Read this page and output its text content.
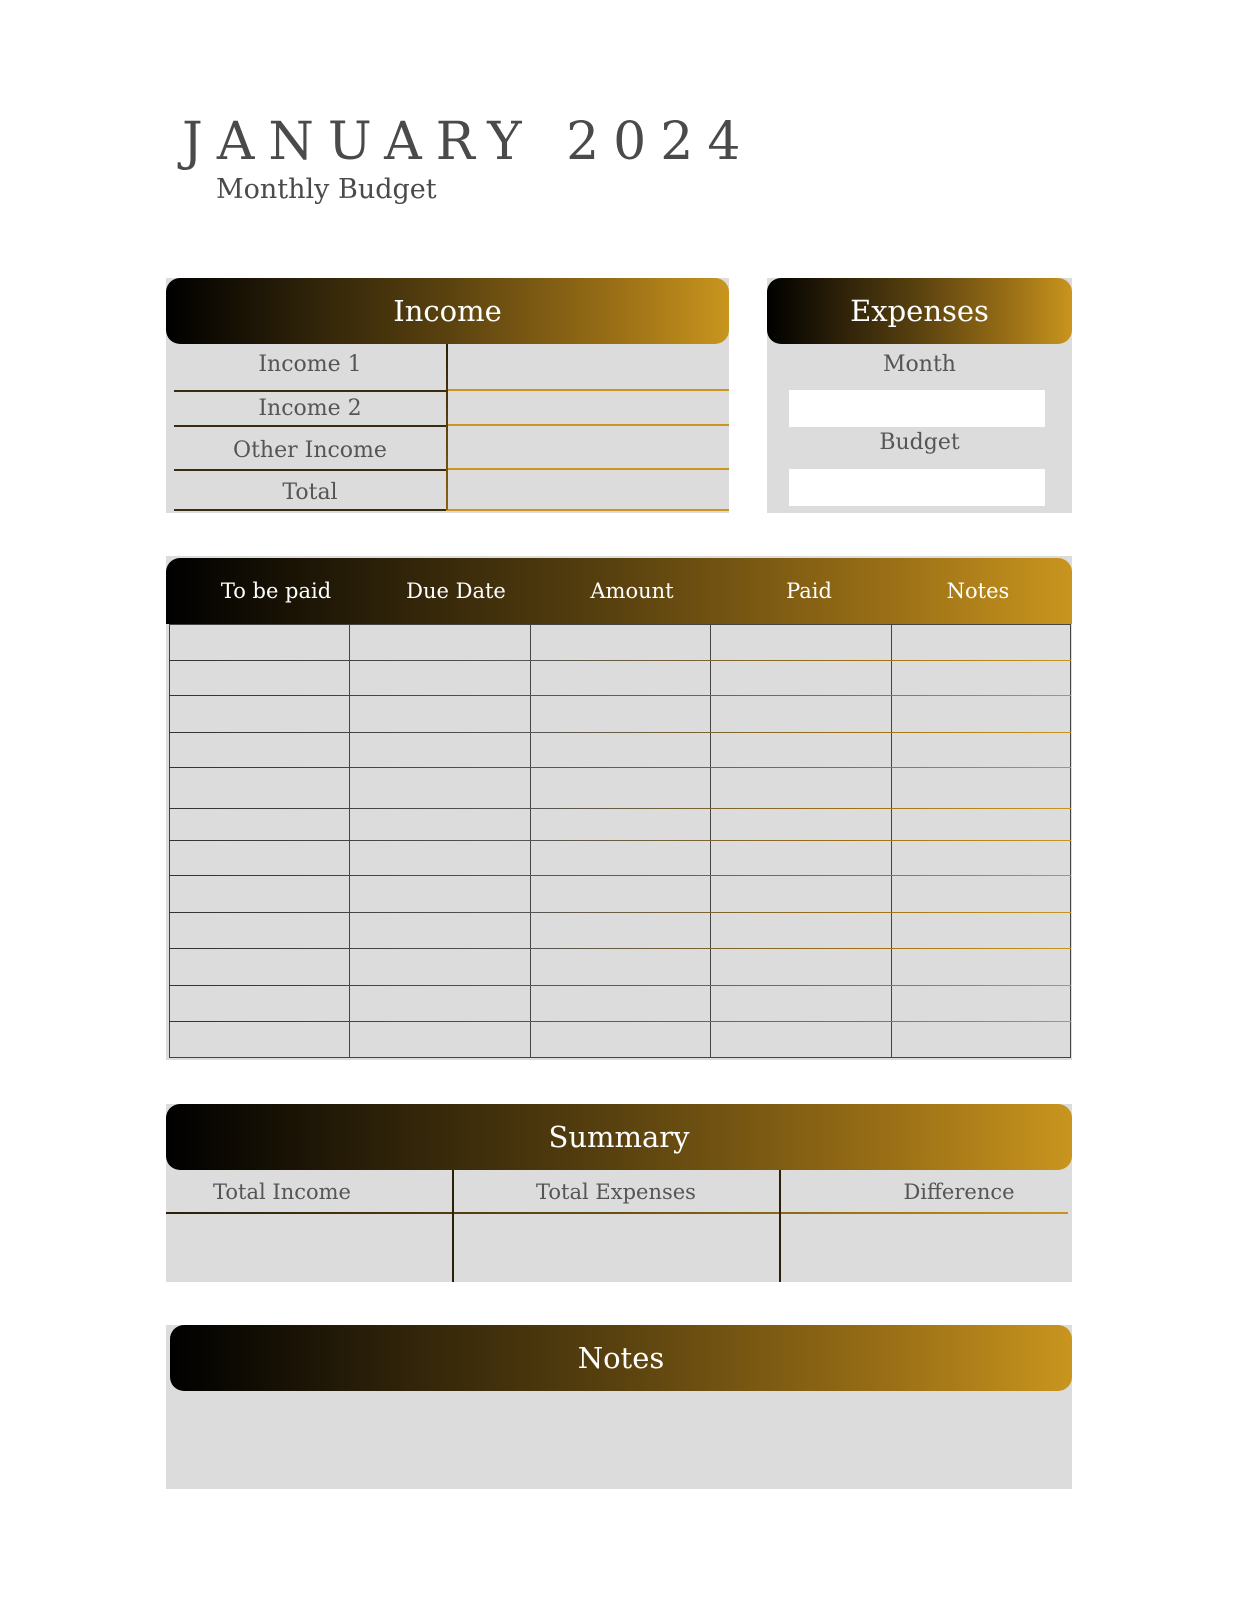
JANUARY 2024
Monthly Budget
Income 1
Income 2
Other Income
Total
Income
Month
Budget
Expenses
To be paid	Due Date	Amount	Paid	Notes
Summary
Total Income	Total Expenses	Difference
Notes
